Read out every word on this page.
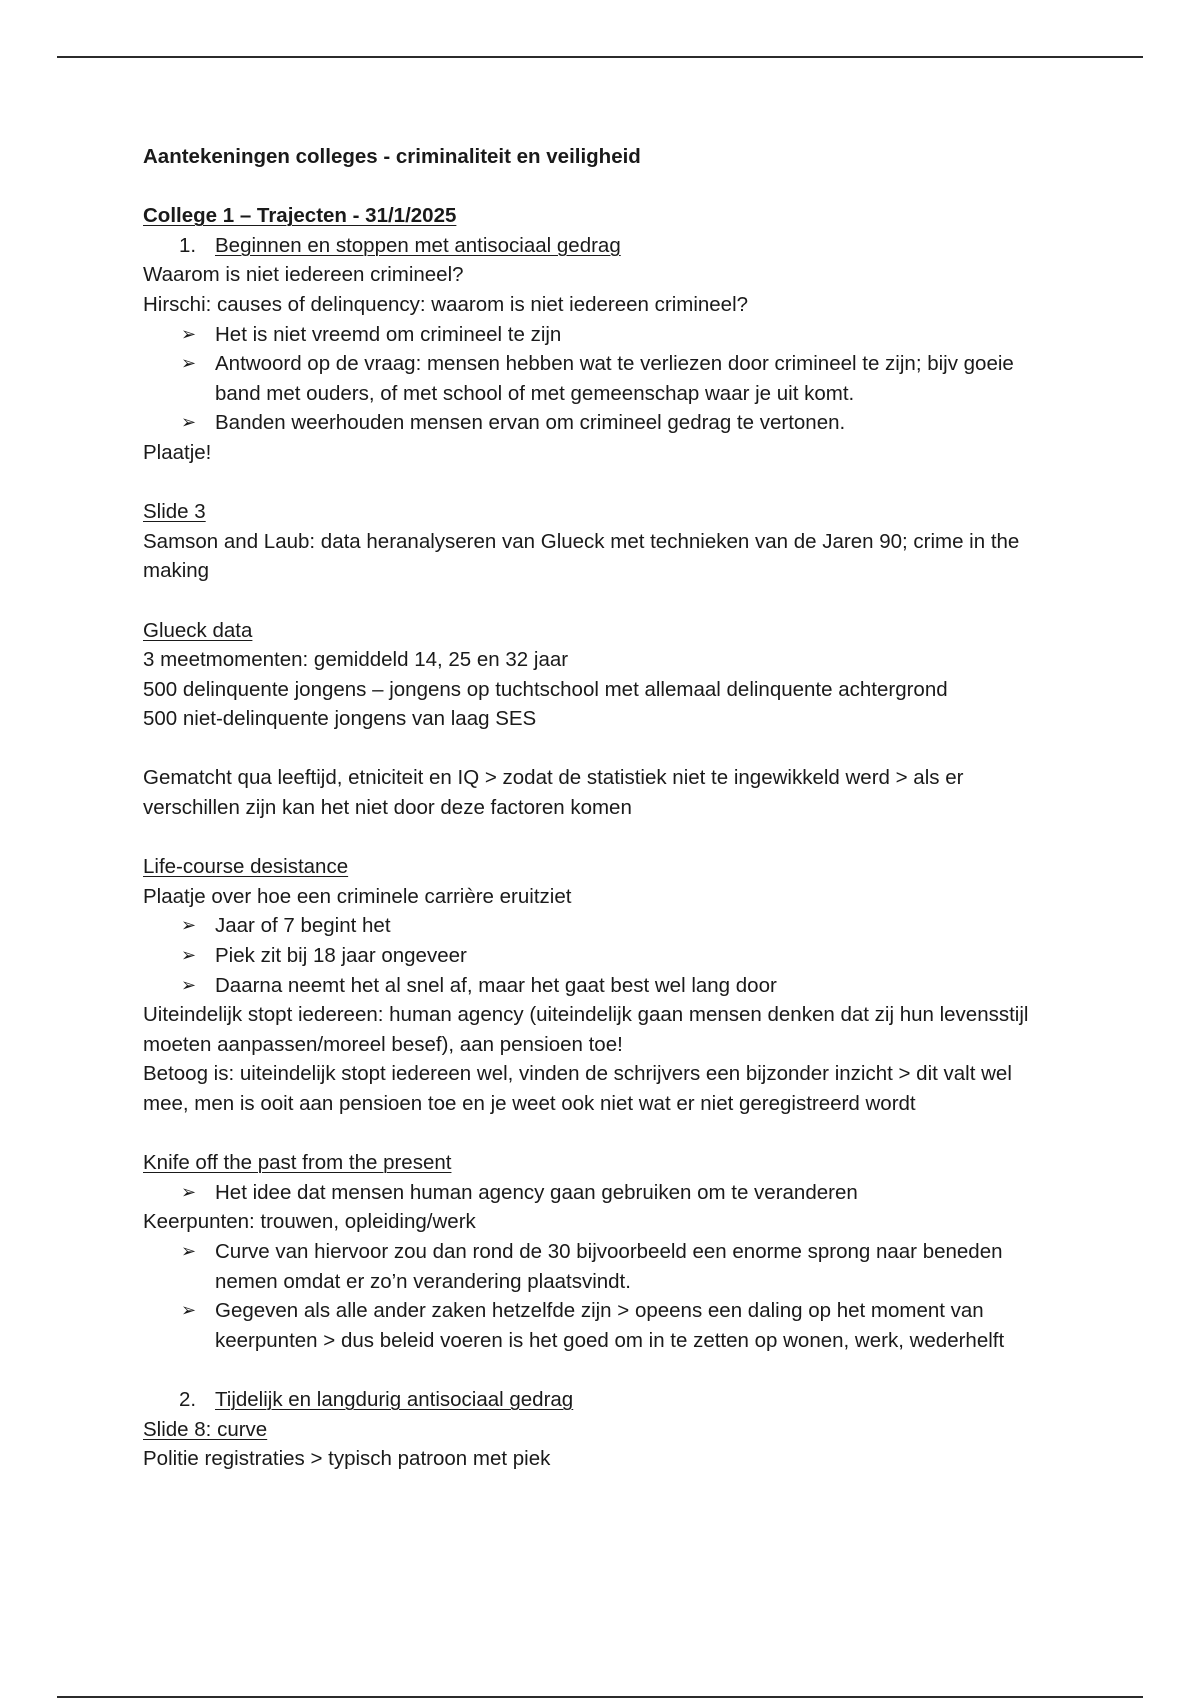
Aantekeningen colleges - criminaliteit en veiligheid

College 1 – Trajecten - 31/1/2025

1. Beginnen en stoppen met antisociaal gedrag

Waarom is niet iedereen crimineel?

Hirschi: causes of delinquency: waarom is niet iedereen crimineel?

➢ Het is niet vreemd om crimineel te zijn

➢ Antwoord op de vraag: mensen hebben wat te verliezen door crimineel te zijn; bijv goeie band met ouders, of met school of met gemeenschap waar je uit komt.

➢ Banden weerhouden mensen ervan om crimineel gedrag te vertonen.

Plaatje!

Slide 3

Samson and Laub: data heranalyseren van Glueck met technieken van de Jaren 90; crime in the making

Glueck data

3 meetmomenten: gemiddeld 14, 25 en 32 jaar

500 delinquente jongens – jongens op tuchtschool met allemaal delinquente achtergrond

500 niet-delinquente jongens van laag SES

Gematcht qua leeftijd, etniciteit en IQ > zodat de statistiek niet te ingewikkeld werd > als er verschillen zijn kan het niet door deze factoren komen

Life-course desistance

Plaatje over hoe een criminele carrière eruitziet

➢ Jaar of 7 begint het

➢ Piek zit bij 18 jaar ongeveer

➢ Daarna neemt het al snel af, maar het gaat best wel lang door

Uiteindelijk stopt iedereen: human agency (uiteindelijk gaan mensen denken dat zij hun levensstijl moeten aanpassen/moreel besef), aan pensioen toe!

Betoog is: uiteindelijk stopt iedereen wel, vinden de schrijvers een bijzonder inzicht > dit valt wel mee, men is ooit aan pensioen toe en je weet ook niet wat er niet geregistreerd wordt

Knife off the past from the present

➢ Het idee dat mensen human agency gaan gebruiken om te veranderen

Keerpunten: trouwen, opleiding/werk

➢ Curve van hiervoor zou dan rond de 30 bijvoorbeeld een enorme sprong naar beneden nemen omdat er zo’n verandering plaatsvindt.

➢ Gegeven als alle ander zaken hetzelfde zijn > opeens een daling op het moment van keerpunten > dus beleid voeren is het goed om in te zetten op wonen, werk, wederhelft

2. Tijdelijk en langdurig antisociaal gedrag

Slide 8: curve

Politie registraties > typisch patroon met piek
